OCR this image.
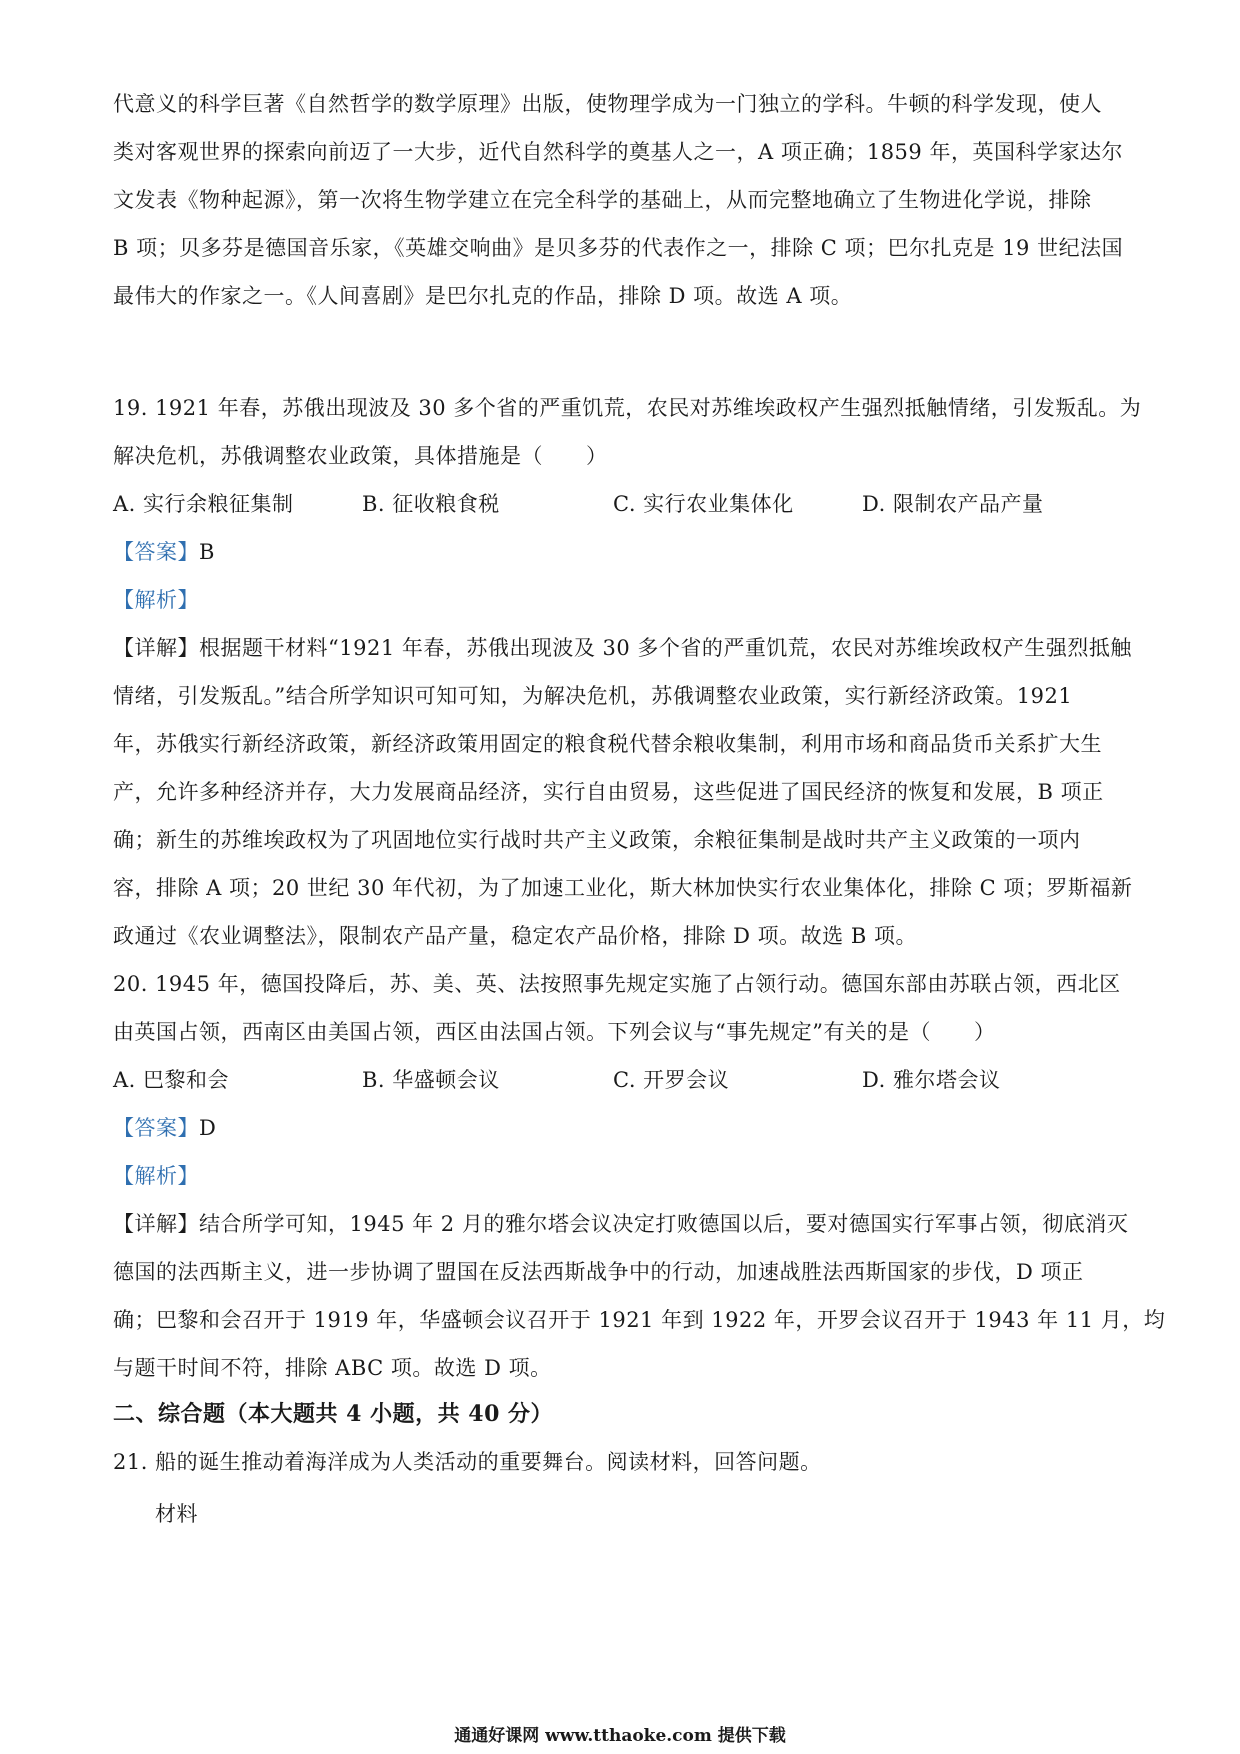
代意义的科学巨著《自然哲学的数学原理》出版，使物理学成为一门独立的学科。牛顿的科学发现，使人
类对客观世界的探索向前迈了一大步，近代自然科学的奠基人之一，A 项正确；1859 年，英国科学家达尔
文发表《物种起源》，第一次将生物学建立在完全科学的基础上，从而完整地确立了生物进化学说，排除
B 项；贝多芬是德国音乐家，《英雄交响曲》是贝多芬的代表作之一，排除 C 项；巴尔扎克是 19 世纪法国
最伟大的作家之一。《人间喜剧》是巴尔扎克的作品，排除 D 项。故选 A 项。
19. 1921 年春，苏俄出现波及 30 多个省的严重饥荒，农民对苏维埃政权产生强烈抵触情绪，引发叛乱。为
解决危机，苏俄调整农业政策，具体措施是（　　）
A. 实行余粮征集制	B. 征收粮食税	C. 实行农业集体化	D. 限制农产品产量
【答案】B
【解析】
【详解】根据题干材料“1921 年春，苏俄出现波及 30 多个省的严重饥荒，农民对苏维埃政权产生强烈抵触
情绪，引发叛乱。”结合所学知识可知可知，为解决危机，苏俄调整农业政策，实行新经济政策。1921
年，苏俄实行新经济政策，新经济政策用固定的粮食税代替余粮收集制，利用市场和商品货币关系扩大生
产，允许多种经济并存，大力发展商品经济，实行自由贸易，这些促进了国民经济的恢复和发展，B 项正
确；新生的苏维埃政权为了巩固地位实行战时共产主义政策，余粮征集制是战时共产主义政策的一项内
容，排除 A 项；20 世纪 30 年代初，为了加速工业化，斯大林加快实行农业集体化，排除 C 项；罗斯福新
政通过《农业调整法》，限制农产品产量，稳定农产品价格，排除 D 项。故选 B 项。
20. 1945 年，德国投降后，苏、美、英、法按照事先规定实施了占领行动。德国东部由苏联占领，西北区
由英国占领，西南区由美国占领，西区由法国占领。下列会议与“事先规定”有关的是（　　）
A. 巴黎和会	B. 华盛顿会议	C. 开罗会议	D. 雅尔塔会议
【答案】D
【解析】
【详解】结合所学可知，1945 年 2 月的雅尔塔会议决定打败德国以后，要对德国实行军事占领，彻底消灭
德国的法西斯主义，进一步协调了盟国在反法西斯战争中的行动，加速战胜法西斯国家的步伐，D 项正
确；巴黎和会召开于 1919 年，华盛顿会议召开于 1921 年到 1922 年，开罗会议召开于 1943 年 11 月，均
与题干时间不符，排除 ABC 项。故选 D 项。
二、综合题（本大题共 4 小题，共 40 分）
21. 船的诞生推动着海洋成为人类活动的重要舞台。阅读材料，回答问题。
材料
通通好课网 www.tthaoke.com 提供下载
